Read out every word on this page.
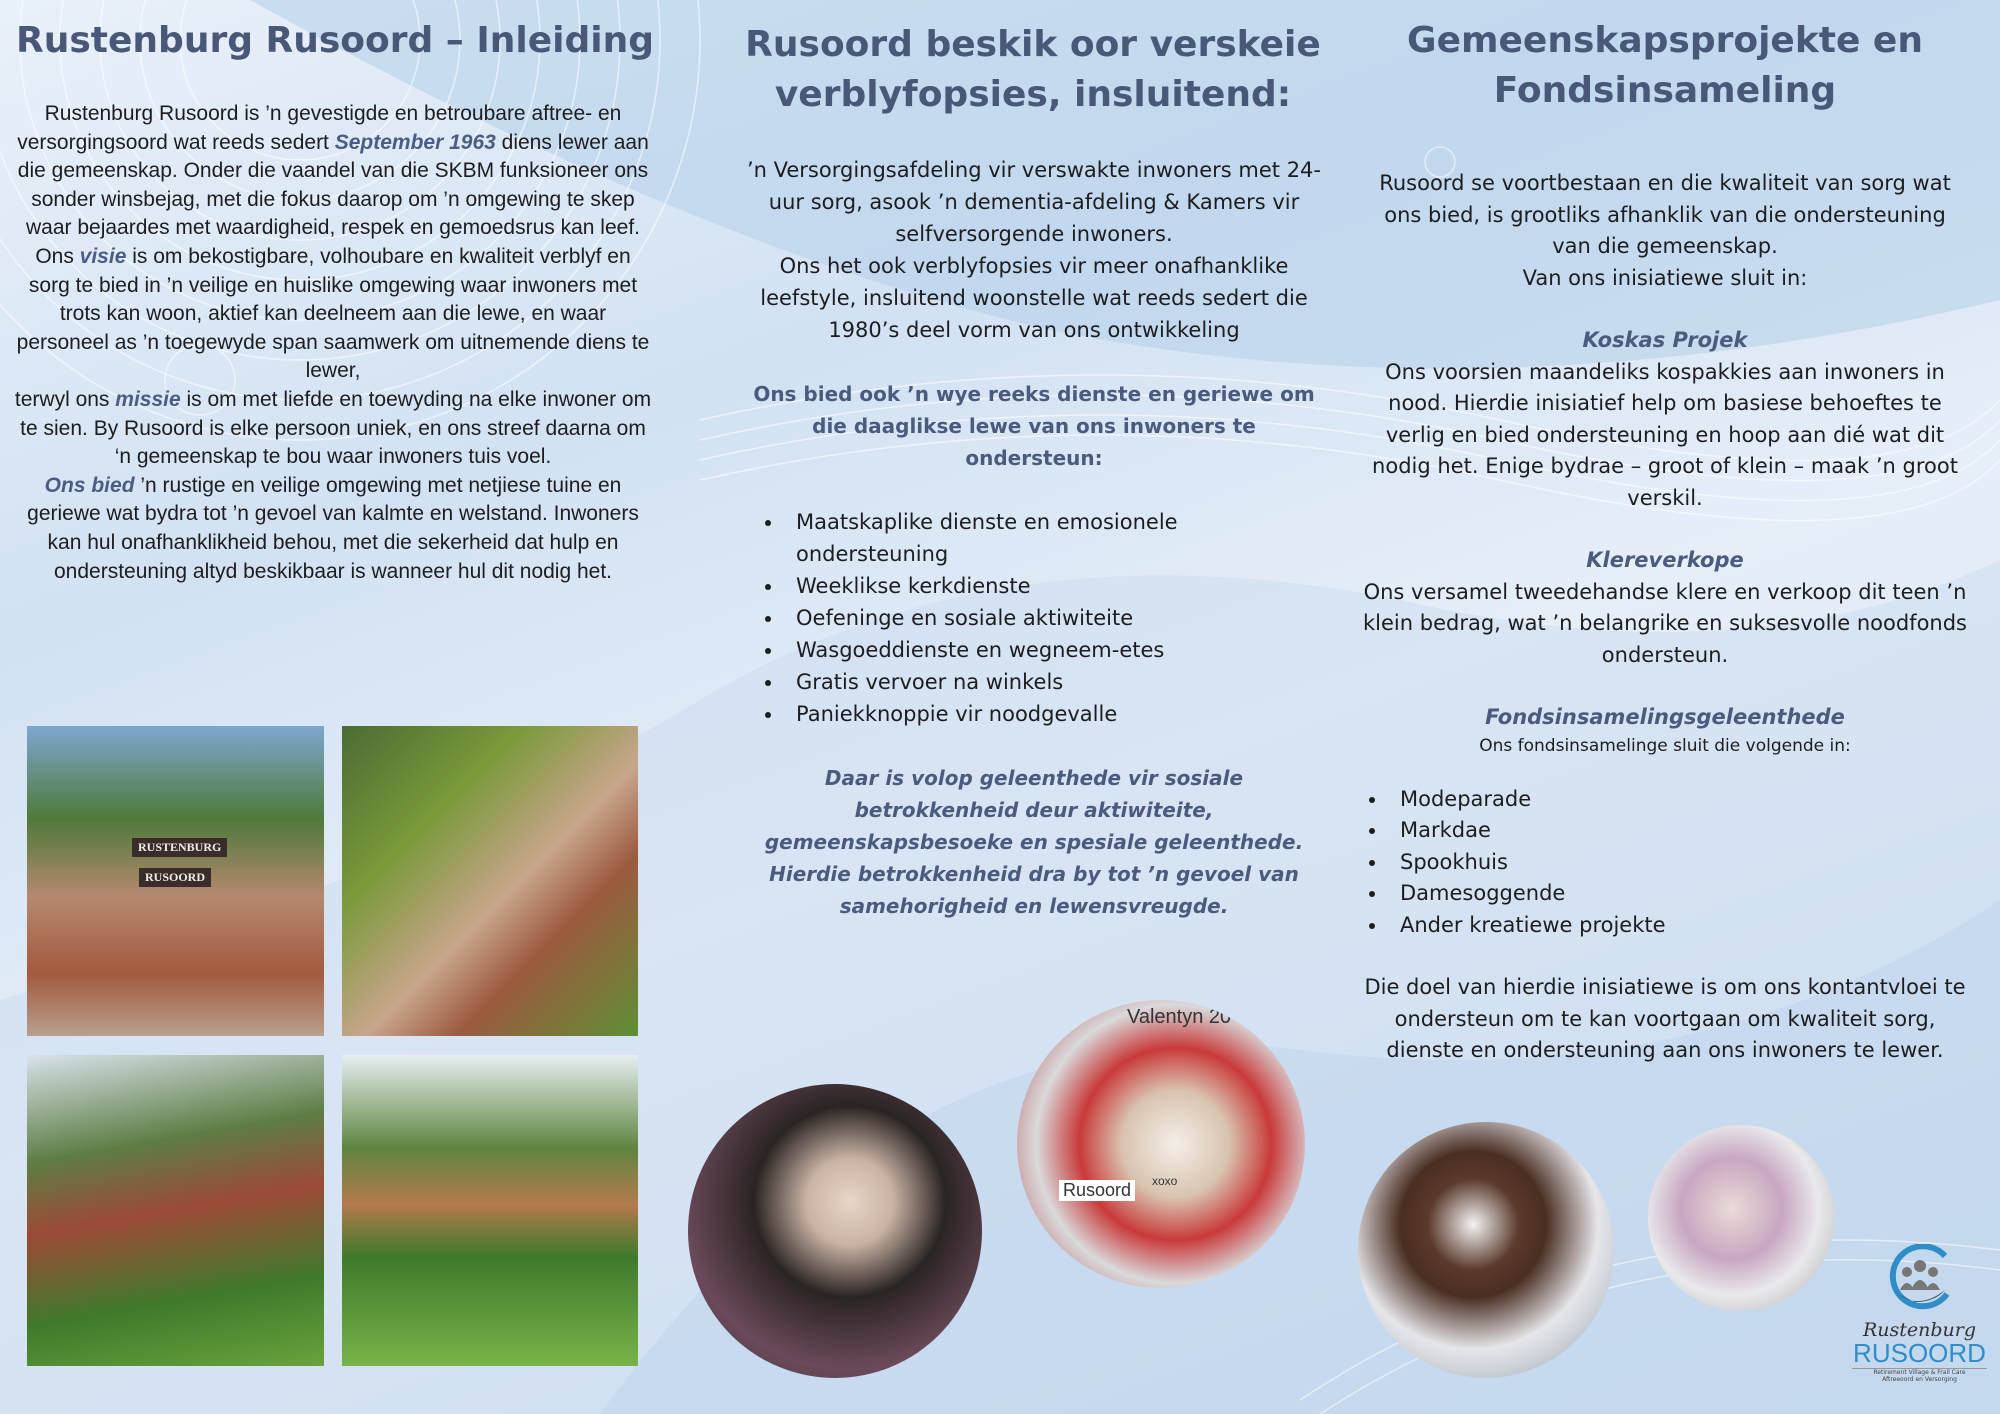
Rustenburg Rusoord – Inleiding
Rustenburg Rusoord is ’n gevestigde en betroubare aftree- en versorgingsoord wat reeds sedert September 1963 diens lewer aan die gemeenskap. Onder die vaandel van die SKBM funksioneer ons sonder winsbejag, met die fokus daarop om ’n omgewing te skep waar bejaardes met waardigheid, respek en gemoedsrus kan leef.
Ons visie is om bekostigbare, volhoubare en kwaliteit verblyf en sorg te bied in ’n veilige en huislike omgewing waar inwoners met trots kan woon, aktief kan deelneem aan die lewe, en waar personeel as ’n toegewyde span saamwerk om uitnemende diens te lewer,
terwyl ons missie is om met liefde en toewyding na elke inwoner om te sien. By Rusoord is elke persoon uniek, en ons streef daarna om ‘n gemeenskap te bou waar inwoners tuis voel.
Ons bied ’n rustige en veilige omgewing met netjiese tuine en geriewe wat bydra tot ’n gevoel van kalmte en welstand. Inwoners kan hul onafhanklikheid behou, met die sekerheid dat hulp en ondersteuning altyd beskikbaar is wanneer hul dit nodig het.
RUSTENBURG
RUSOORD
Rusoord beskik oor verskeie verblyfopsies, insluitend:

’n Versorgingsafdeling vir verswakte inwoners met 24-uur sorg, asook ’n dementia-afdeling & Kamers vir selfversorgende inwoners.

Ons het ook verblyfopsies vir meer onafhanklike leefstyle, insluitend woonstelle wat reeds sedert die 1980’s deel vorm van ons ontwikkeling

Ons bied ook ’n wye reeks dienste en geriewe om die daaglikse lewe van ons inwoners te ondersteun:

• Maatskaplike dienste en emosionele ondersteuning
• Weeklikse kerkdienste
• Oefeninge en sosiale aktiwiteite
• Wasgoeddienste en wegneem-etes
• Gratis vervoer na winkels
• Paniekknoppie vir noodgevalle

Daar is volop geleenthede vir sosiale betrokkenheid deur aktiwiteite, gemeenskapsbesoeke en spesiale geleenthede. Hierdie betrokkenheid dra by tot ’n gevoel van samehorigheid en lewensvreugde.

Valentyn 20
Rusoord	xoxo
Gemeenskapsprojekte en Fondsinsameling

Rusoord se voortbestaan en die kwaliteit van sorg wat ons bied, is grootliks afhanklik van die ondersteuning van die gemeenskap.

Van ons inisiatiewe sluit in:

Koskas Projek

Ons voorsien maandeliks kospakkies aan inwoners in nood. Hierdie inisiatief help om basiese behoeftes te verlig en bied ondersteuning en hoop aan dié wat dit nodig het. Enige bydrae – groot of klein – maak ’n groot verskil.

Klereverkope

Ons versamel tweedehandse klere en verkoop dit teen ’n klein bedrag, wat ’n belangrike en suksesvolle noodfonds ondersteun.

Fondsinsamelingsgeleenthede

Ons fondsinsamelinge sluit die volgende in:

• Modeparade
• Markdae
• Spookhuis
• Damesoggende
• Ander kreatiewe projekte

Die doel van hierdie inisiatiewe is om ons kontantvloei te ondersteun om te kan voortgaan om kwaliteit sorg, dienste en ondersteuning aan ons inwoners te lewer.

Rustenburg
RUSOORD
Retirement Village & Frail Care
Aftreeoord en Versorging
